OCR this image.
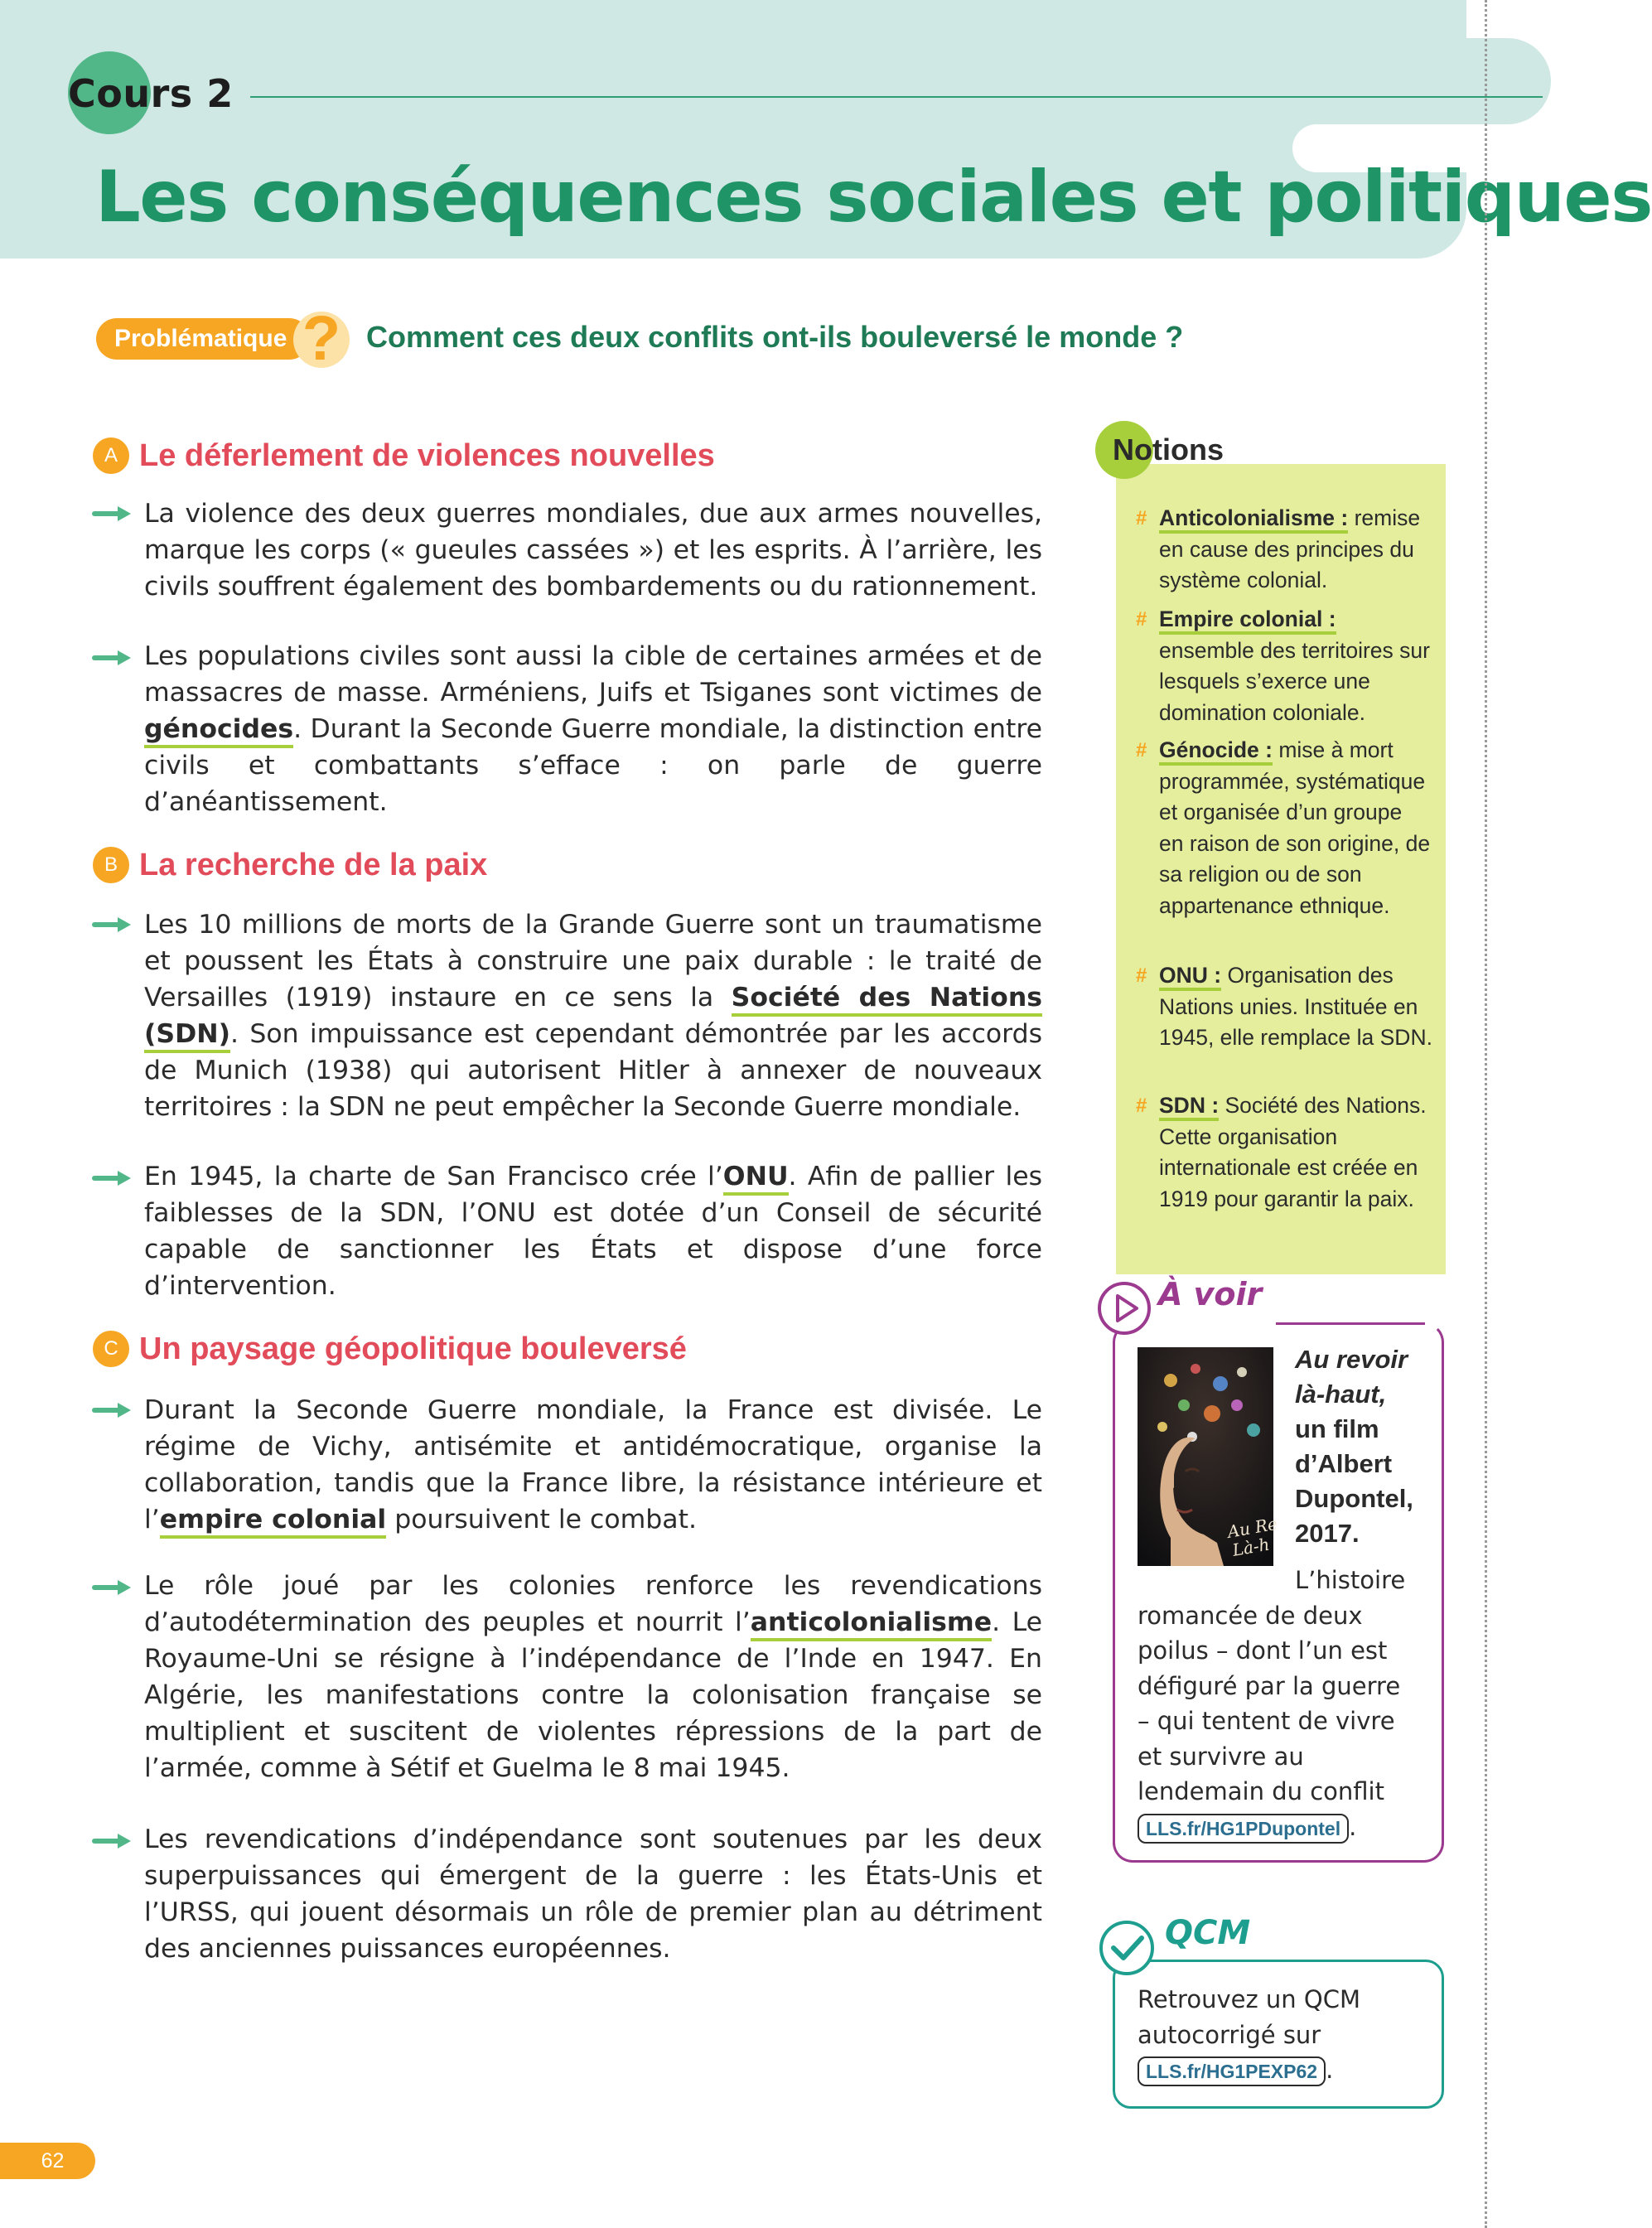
Cours 2
Les conséquences sociales et politiques
Problématique ? Comment ces deux conflits ont-ils bouleversé le monde ?
A Le déferlement de violences nouvelles

La violence des deux guerres mondiales, due aux armes nouvelles, marque les corps (« gueules cassées ») et les esprits. À l’arrière, les civils souffrent également des bombardements ou du rationnement.

Les populations civiles sont aussi la cible de certaines armées et de massacres de masse. Arméniens, Juifs et Tsiganes sont victimes de génocides. Durant la Seconde Guerre mondiale, la distinction entre civils et combattants s’efface : on parle de guerre d’anéantissement.

B La recherche de la paix

Les 10 millions de morts de la Grande Guerre sont un traumatisme et poussent les États à construire une paix durable : le traité de Versailles (1919) instaure en ce sens la Société des Nations (SDN). Son impuissance est cependant démontrée par les accords de Munich (1938) qui autorisent Hitler à annexer de nouveaux territoires : la SDN ne peut empêcher la Seconde Guerre mondiale.

En 1945, la charte de San Francisco crée l’ONU. Afin de pallier les faiblesses de la SDN, l’ONU est dotée d’un Conseil de sécurité capable de sanctionner les États et dispose d’une force d’intervention.

C Un paysage géopolitique bouleversé

Durant la Seconde Guerre mondiale, la France est divisée. Le régime de Vichy, antisémite et antidémocratique, organise la collaboration, tandis que la France libre, la résistance intérieure et l’empire colonial poursuivent le combat.

Le rôle joué par les colonies renforce les revendications d’autodétermination des peuples et nourrit l’anticolonialisme. Le Royaume-Uni se résigne à l’indépendance de l’Inde en 1947. En Algérie, les manifestations contre la colonisation française se multiplient et suscitent de violentes répressions de la part de l’armée, comme à Sétif et Guelma le 8 mai 1945.

Les revendications d’indépendance sont soutenues par les deux superpuissances qui émergent de la guerre : les États-Unis et l’URSS, qui jouent désormais un rôle de premier plan au détriment des anciennes puissances européennes.

Notions
# Anticolonialisme : remise en cause des principes du système colonial.
# Empire colonial : ensemble des territoires sur lesquels s’exerce une domination coloniale.
# Génocide : mise à mort programmée, systématique et organisée d’un groupe en raison de son origine, de sa religion ou de son appartenance ethnique.
# ONU : Organisation des Nations unies. Instituée en 1945, elle remplace la SDN.
# SDN : Société des Nations. Cette organisation internationale est créée en 1919 pour garantir la paix.
À voir
Au Re
Là-h
Au revoir là-haut,
un film d’Albert Dupontel, 2017.
L’histoire romancée de deux poilus – dont l’un est défiguré par la guerre – qui tentent de vivre et survivre au lendemain du conflit
LLS.fr/HG1PDupontel .
QCM
Retrouvez un QCM autocorrigé sur
LLS.fr/HG1PEXP62 .
62
